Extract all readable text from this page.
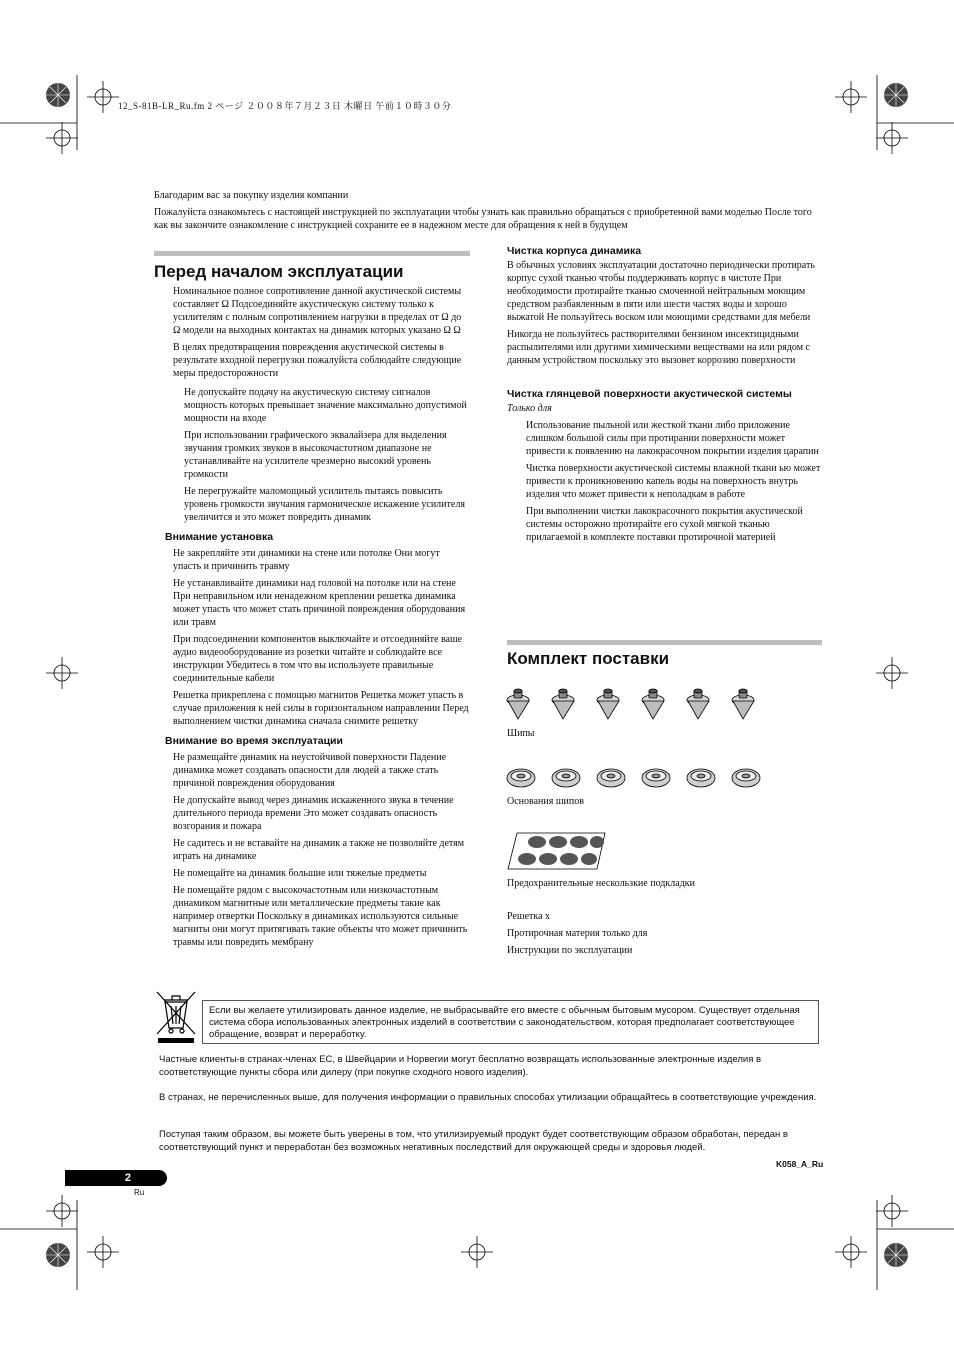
12_S-81B-LR_Ru.fm 2 ページ ２００８年７月２３日 木曜日 午前１０時３０分

Благодарим вас за покупку изделия компании

Пожалуйста ознакомьтесь с настоящей инструкцией по эксплуатации чтобы узнать как правильно обращаться с приобретенной вами моделью После того как вы закончите ознакомление с инструкцией сохраните ее в надежном месте для обращения к ней в будущем

Перед началом эксплуатации

Номинальное полное сопротивление данной акустической системы составляет Ω Подсоединяйте акустическую систему только к усилителям с полным сопротивлением нагрузки в пределах от Ω до Ω модели на выходных контактах на динамик которых указано Ω Ω

В целях предотвращения повреждения акустической системы в результате входной перегрузки пожалуйста соблюдайте следующие меры предосторожности

Не допускайте подачу на акустическую систему сигналов мощность которых превышает значение максимально допустимой мощности на входе

При использовании графического эквалайзера для выделения звучания громких звуков в высокочастотном диапазоне не устанавливайте на усилителе чрезмерно высокий уровень громкости

Не перегружайте маломощный усилитель пытаясь повысить уровень громкости звучания гармоническое искажение усилителя увеличится и это может повредить динамик

Внимание установка

Не закрепляйте эти динамики на стене или потолке Они могут упасть и причинить травму

Не устанавливайте динамики над головой на потолке или на стене При неправильном или ненадежном креплении решетка динамика может упасть что может стать причиной повреждения оборудования или травм

При подсоединении компонентов выключайте и отсоединяйте ваше аудио видеооборудование из розетки читайте и соблюдайте все инструкции Убедитесь в том что вы используете правильные соединительные кабели

Решетка прикреплена с помощью магнитов Решетка может упасть в случае приложения к ней силы в горизонтальном направлении Перед выполнением чистки динамика сначала снимите решетку

Внимание во время эксплуатации

Не размещайте динамик на неустойчивой поверхности Падение динамика может создавать опасности для людей а также стать причиной повреждения оборудования

Не допускайте вывод через динамик искаженного звука в течение длительного периода времени Это может создавать опасность возгорания и пожара

Не садитесь и не вставайте на динамик а также не позволяйте детям играть на динамике

Не помещайте на динамик большие или тяжелые предметы

Не помещайте рядом с высокочастотным или низкочастотным динамиком магнитные или металлические предметы такие как например отвертки Поскольку в динамиках используются сильные магниты они могут притягивать такие объекты что может причинить травмы или повредить мембрану

Чистка корпуса динамика

В обычных условиях эксплуатации достаточно периодически протирать корпус сухой тканью чтобы поддерживать корпус в чистоте При необходимости протирайте тканью смоченной нейтральным моющим средством разбавленным в пяти или шести частях воды и хорошо выжатой Не пользуйтесь воском или моющими средствами для мебели

Никогда не пользуйтесь растворителями бензином инсектицидными распылителями или другими химическими веществами на или рядом с данным устройством поскольку это вызовет коррозию поверхности

Чистка глянцевой поверхности акустической системы
Только для

Использование пыльной или жесткой ткани либо приложение слишком большой силы при протирании поверхности может привести к появлению на лакокрасочном покрытии изделия царапин

Чистка поверхности акустической системы влажной ткани ью может привести к проникновению капель воды на поверхность внутрь изделия что может привести к неполадкам в работе

При выполнении чистки лакокрасочного покрытия акустической системы осторожно протирайте его сухой мягкой тканью прилагаемой в комплекте поставки протирочной материей

Комплект поставки
Шипы
Основания шипов
Предохранительные нескользкие подкладки
Решетка x
Протирочная материя только для
Инструкции по эксплуатации
Если вы желаете утилизировать данное изделие, не выбрасывайте его вместе с обычным бытовым мусором. Существует отдельная система сбора использованных электронных изделий в соответствии с законодательством, которая предполагает соответствующее обращение, возврат и переработку.

Частные клиенты-в странах-членах ЕС, в Швейцарии и Норвегии могут бесплатно возвращать использованные электронные изделия в соответствующие пункты сбора или дилеру (при покупке сходного нового изделия).

В странах, не перечисленных выше, для получения информации о правильных способах утилизации обращайтесь в соответствующие учреждения.

Поступая таким образом, вы можете быть уверены в том, что утилизируемый продукт будет соответствующим образом обработан, передан в соответствующий пункт и переработан без возможных негативных последствий для окружающей среды и здоровья людей.

K058_A_Ru
2
Ru
